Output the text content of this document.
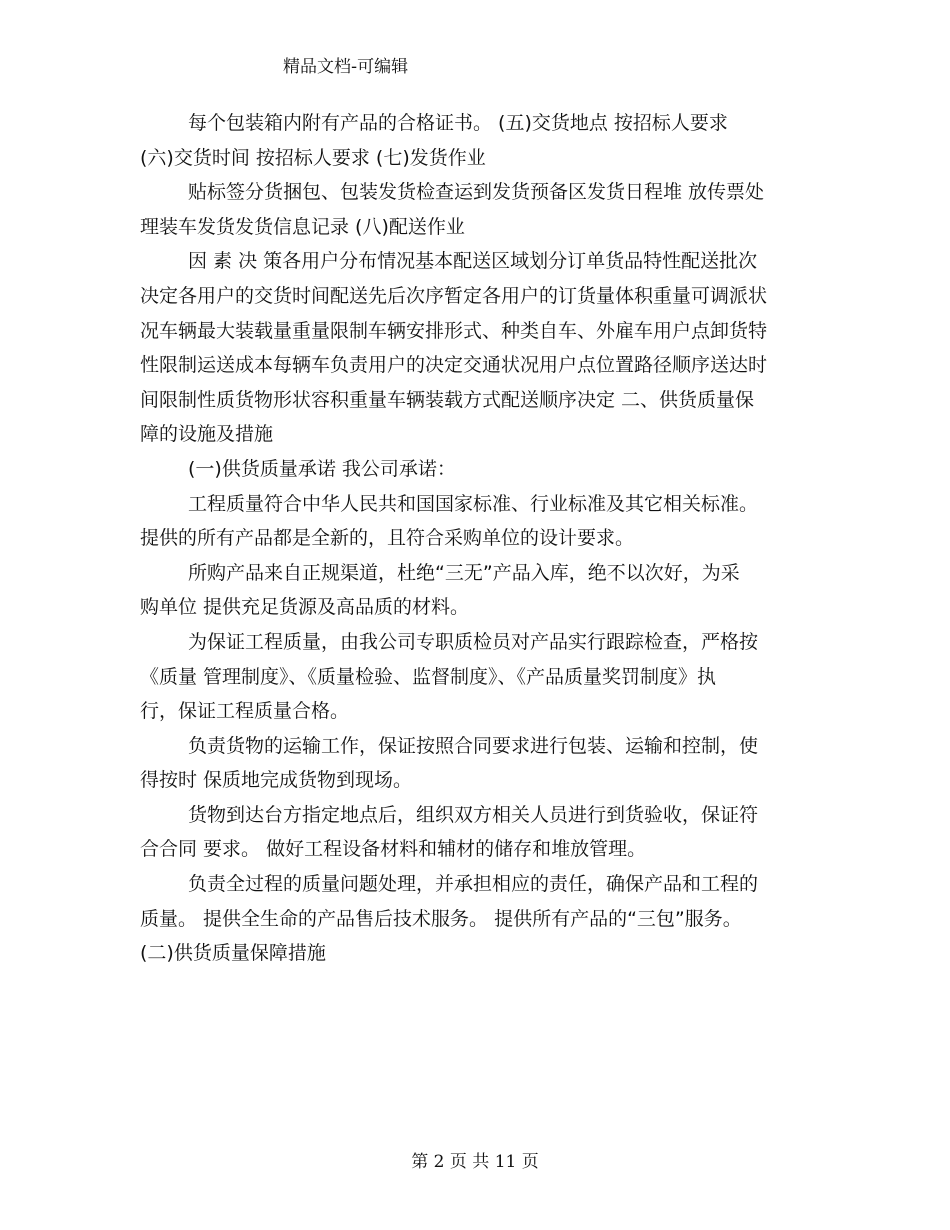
精品文档-可编辑
每个包装箱内附有产品的合格证书。 (五)交货地点 按招标人要求
(六)交货时间 按招标人要求 (七)发货作业
贴标签分货捆包、包装发货检查运到发货预备区发货日程堆 放传票处
理装车发货发货信息记录 (八)配送作业
因 素 决 策各用户分布情况基本配送区域划分订单货品特性配送批次
决定各用户的交货时间配送先后次序暂定各用户的订货量体积重量可调派状
况车辆最大装载量重量限制车辆安排形式、种类自车、外雇车用户点卸货特
性限制运送成本每辆车负责用户的决定交通状况用户点位置路径顺序送达时
间限制性质货物形状容积重量车辆装载方式配送顺序决定 二、供货质量保
障的设施及措施
(一)供货质量承诺 我公司承诺：
工程质量符合中华人民共和国国家标准、行业标准及其它相关标准。
提供的所有产品都是全新的，且符合采购单位的设计要求。
所购产品来自正规渠道，杜绝“三无”产品入库，绝不以次好，为采
购单位 提供充足货源及高品质的材料。
为保证工程质量，由我公司专职质检员对产品实行跟踪检查，严格按
《质量 管理制度》、《质量检验、监督制度》、《产品质量奖罚制度》执
行，保证工程质量合格。
负责货物的运输工作，保证按照合同要求进行包装、运输和控制，使
得按时 保质地完成货物到现场。
货物到达台方指定地点后，组织双方相关人员进行到货验收，保证符
合合同 要求。 做好工程设备材料和辅材的储存和堆放管理。
负责全过程的质量问题处理，并承担相应的责任，确保产品和工程的
质量。 提供全生命的产品售后技术服务。 提供所有产品的“三包”服务。
(二)供货质量保障措施
第 2 页 共 11 页
